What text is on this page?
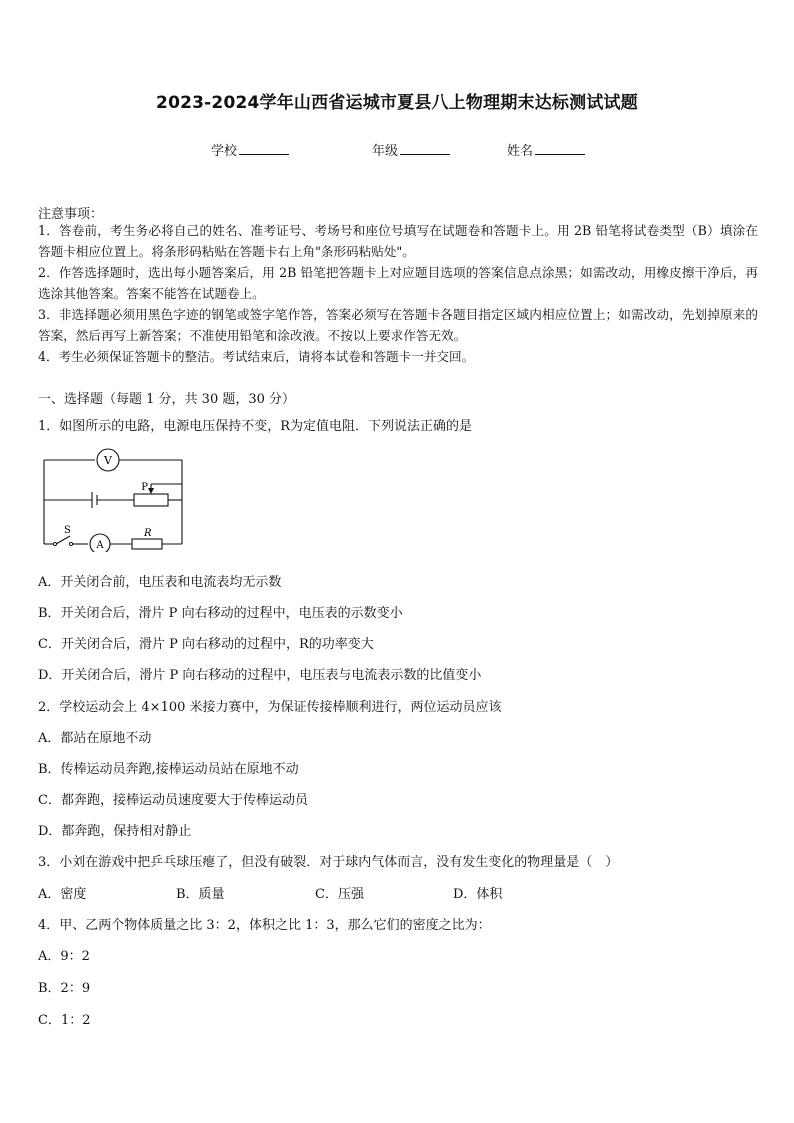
2023-2024学年山西省运城市夏县八上物理期末达标测试试题
学校	年级	姓名
注意事项：
1．答卷前，考生务必将自己的姓名、准考证号、考场号和座位号填写在试题卷和答题卡上。用 2B 铅笔将试卷类型（B）填涂在答题卡相应位置上。将条形码粘贴在答题卡右上角"条形码粘贴处"。
2．作答选择题时，选出每小题答案后，用 2B 铅笔把答题卡上对应题目选项的答案信息点涂黑；如需改动，用橡皮擦干净后，再选涂其他答案。答案不能答在试题卷上。
3．非选择题必须用黑色字迹的钢笔或签字笔作答，答案必须写在答题卡各题目指定区域内相应位置上；如需改动，先划掉原来的答案，然后再写上新答案；不准使用铅笔和涂改液。不按以上要求作答无效。
4．考生必须保证答题卡的整洁。考试结束后，请将本试卷和答题卡一并交回。
一、选择题（每题 1 分，共 30 题，30 分）
1．如图所示的电路，电源电压保持不变，R为定值电阻．下列说法正确的是
V
A
P
S	R
A．开关闭合前，电压表和电流表均无示数
B．开关闭合后，滑片 P 向右移动的过程中，电压表的示数变小
C．开关闭合后，滑片 P 向右移动的过程中，R的功率变大
D．开关闭合后，滑片 P 向右移动的过程中，电压表与电流表示数的比值变小
2．学校运动会上 4×100 米接力赛中，为保证传接棒顺利进行，两位运动员应该
A．都站在原地不动
B．传棒运动员奔跑,接棒运动员站在原地不动
C．都奔跑，接棒运动员速度要大于传棒运动员
D．都奔跑，保持相对静止
3．小刘在游戏中把乒乓球压瘪了，但没有破裂．对于球内气体而言，没有发生变化的物理量是（　）
A．密度	B．质量	C．压强	D．体积
4．甲、乙两个物体质量之比 3：2，体积之比 1：3，那么它们的密度之比为：
A．9：2
B．2：9
C．1：2
